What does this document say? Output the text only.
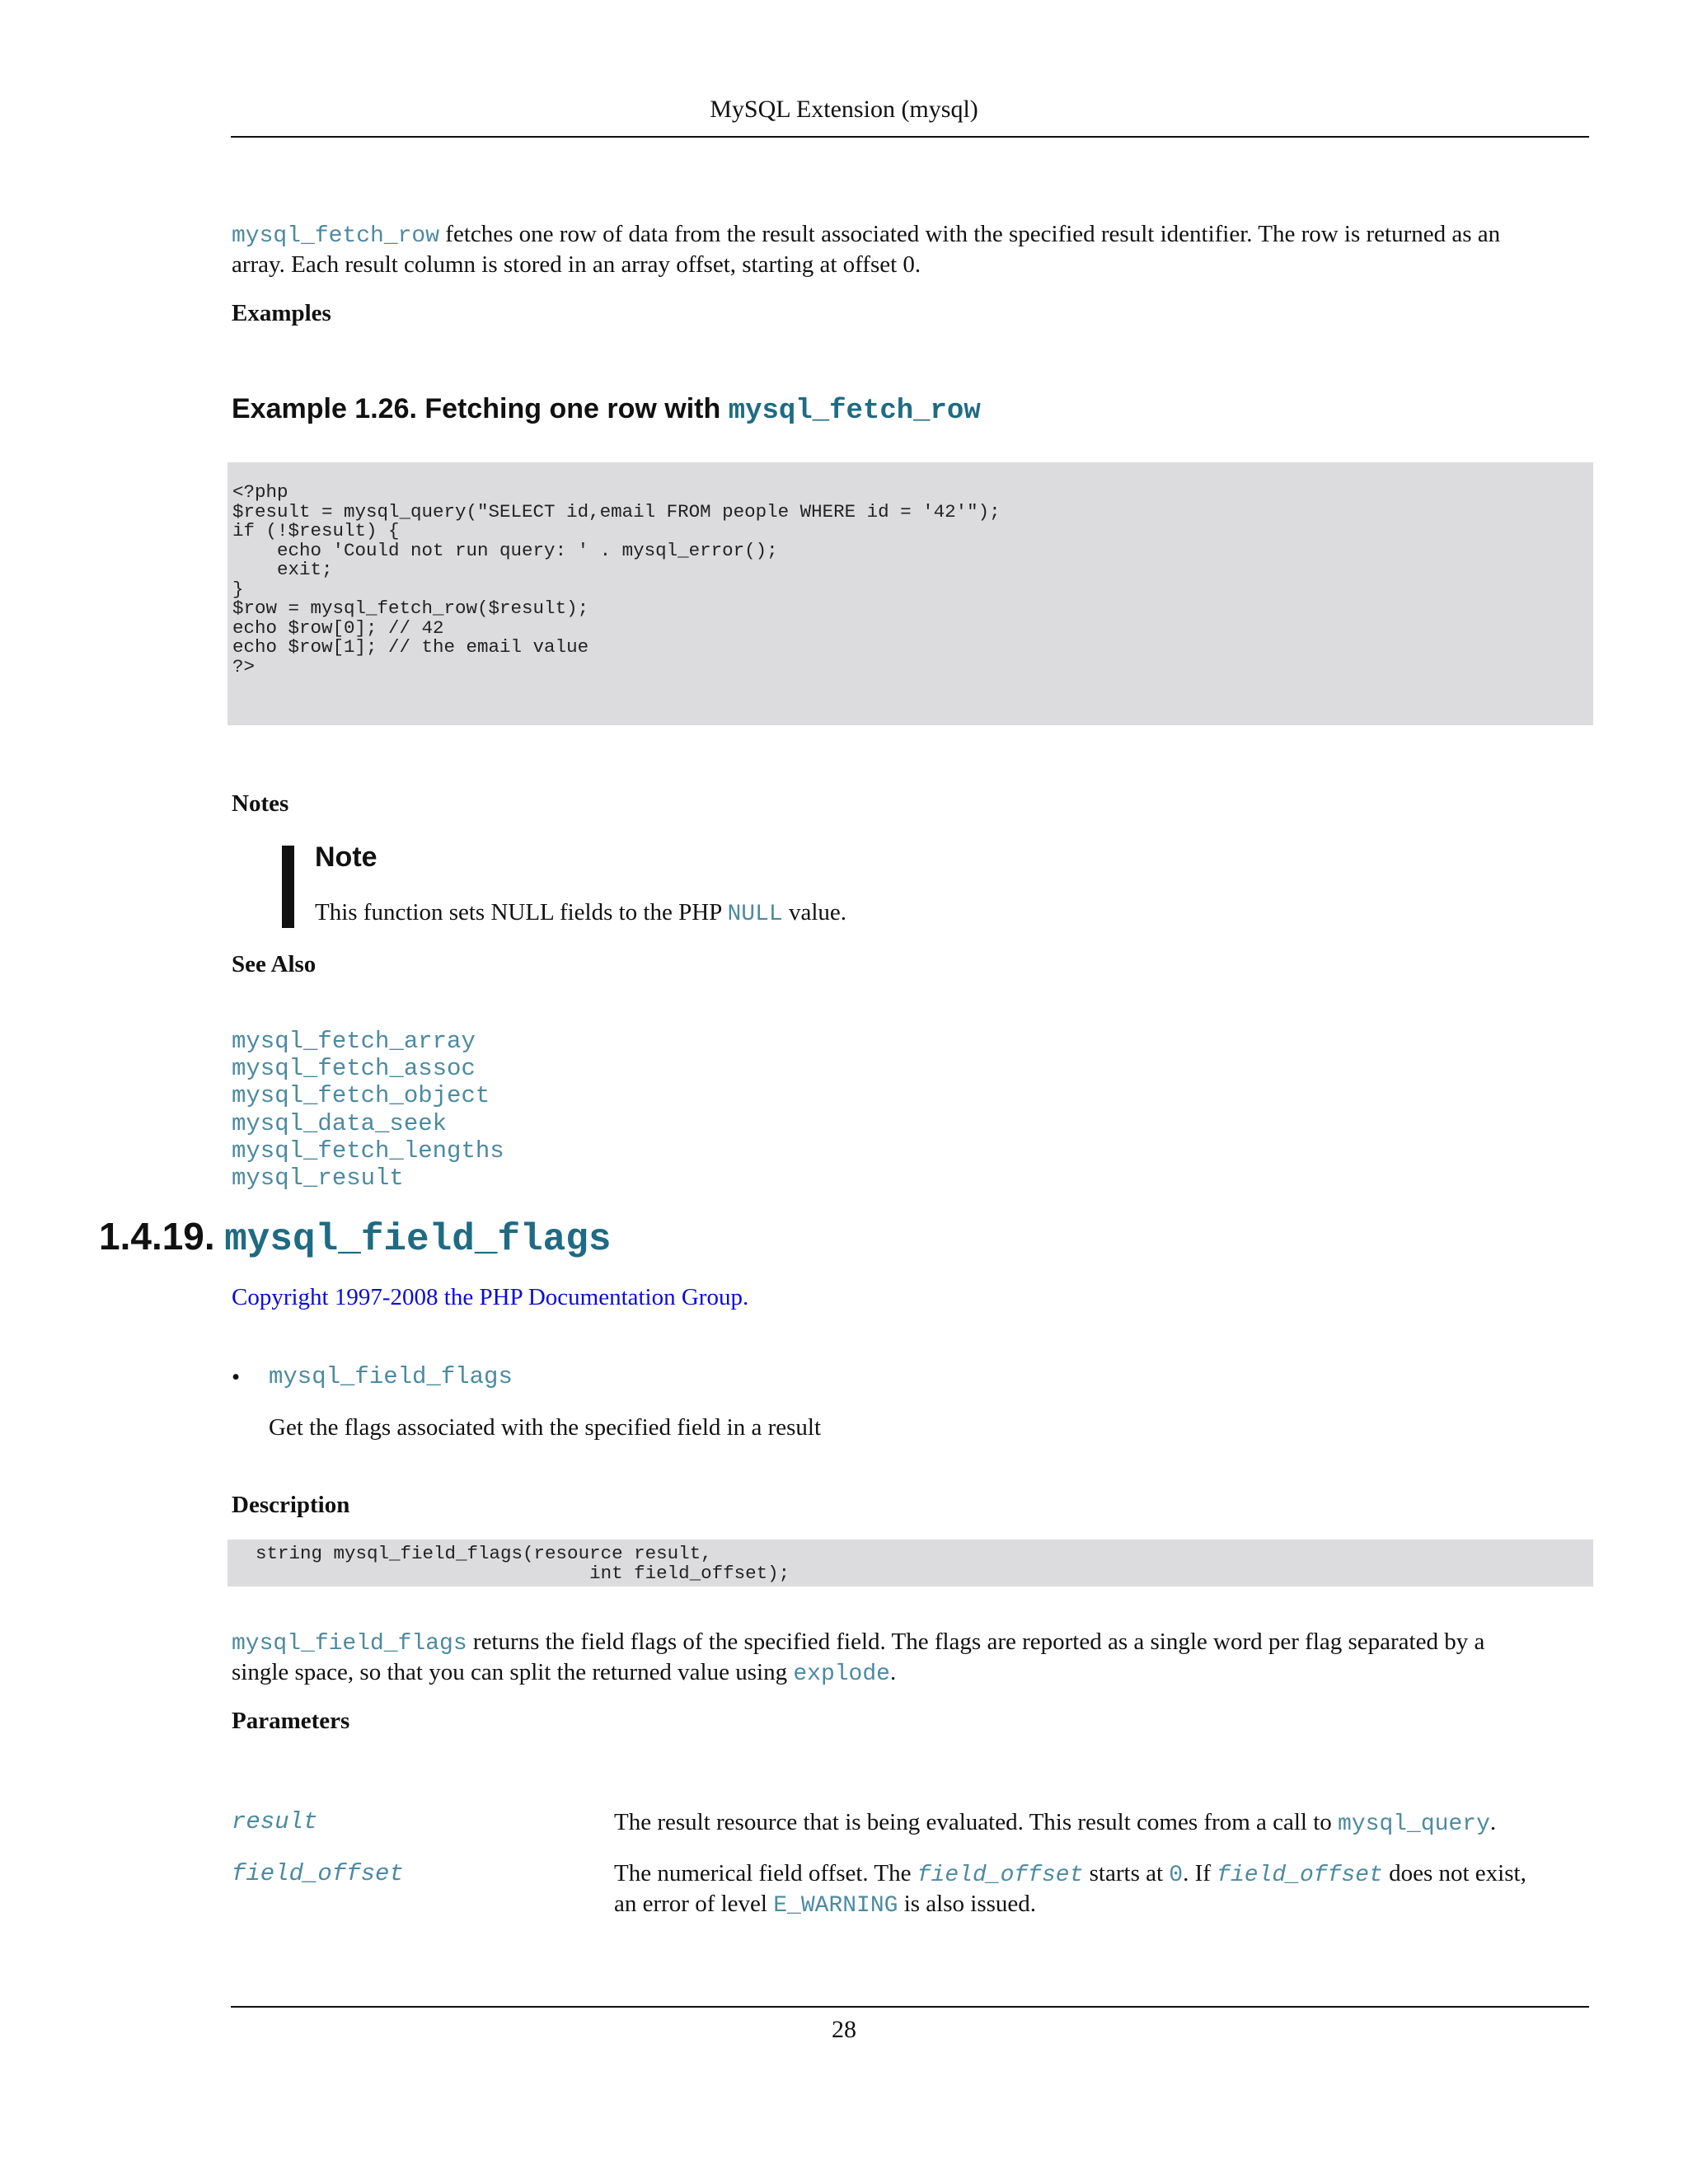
MySQL Extension (mysql)
mysql_fetch_row fetches one row of data from the result associated with the specified result identifier. The row is returned as an
array. Each result column is stored in an array offset, starting at offset 0.
Examples
Example 1.26. Fetching one row with mysql_fetch_row
<?php
$result = mysql_query("SELECT id,email FROM people WHERE id = '42'");
if (!$result) {
echo 'Could not run query: ' . mysql_error();
exit;
}
$row = mysql_fetch_row($result);
echo $row[0]; // 42
echo $row[1]; // the email value
?>
Notes
Note
This function sets NULL fields to the PHP NULL value.
See Also
mysql_fetch_array
mysql_fetch_assoc
mysql_fetch_object
mysql_data_seek
mysql_fetch_lengths
mysql_result
1.4.19. mysql_field_flags
Copyright 1997-2008 the PHP Documentation Group.
• mysql_field_flags
Get the flags associated with the specified field in a result
Description
string mysql_field_flags(resource result,
int field_offset);
mysql_field_flags returns the field flags of the specified field. The flags are reported as a single word per flag separated by a
single space, so that you can split the returned value using explode.
Parameters
result	The result resource that is being evaluated. This result comes from a call to mysql_query.
field_offset	The numerical field offset. The field_offset starts at 0. If field_offset does not exist,
an error of level E_WARNING is also issued.
28
